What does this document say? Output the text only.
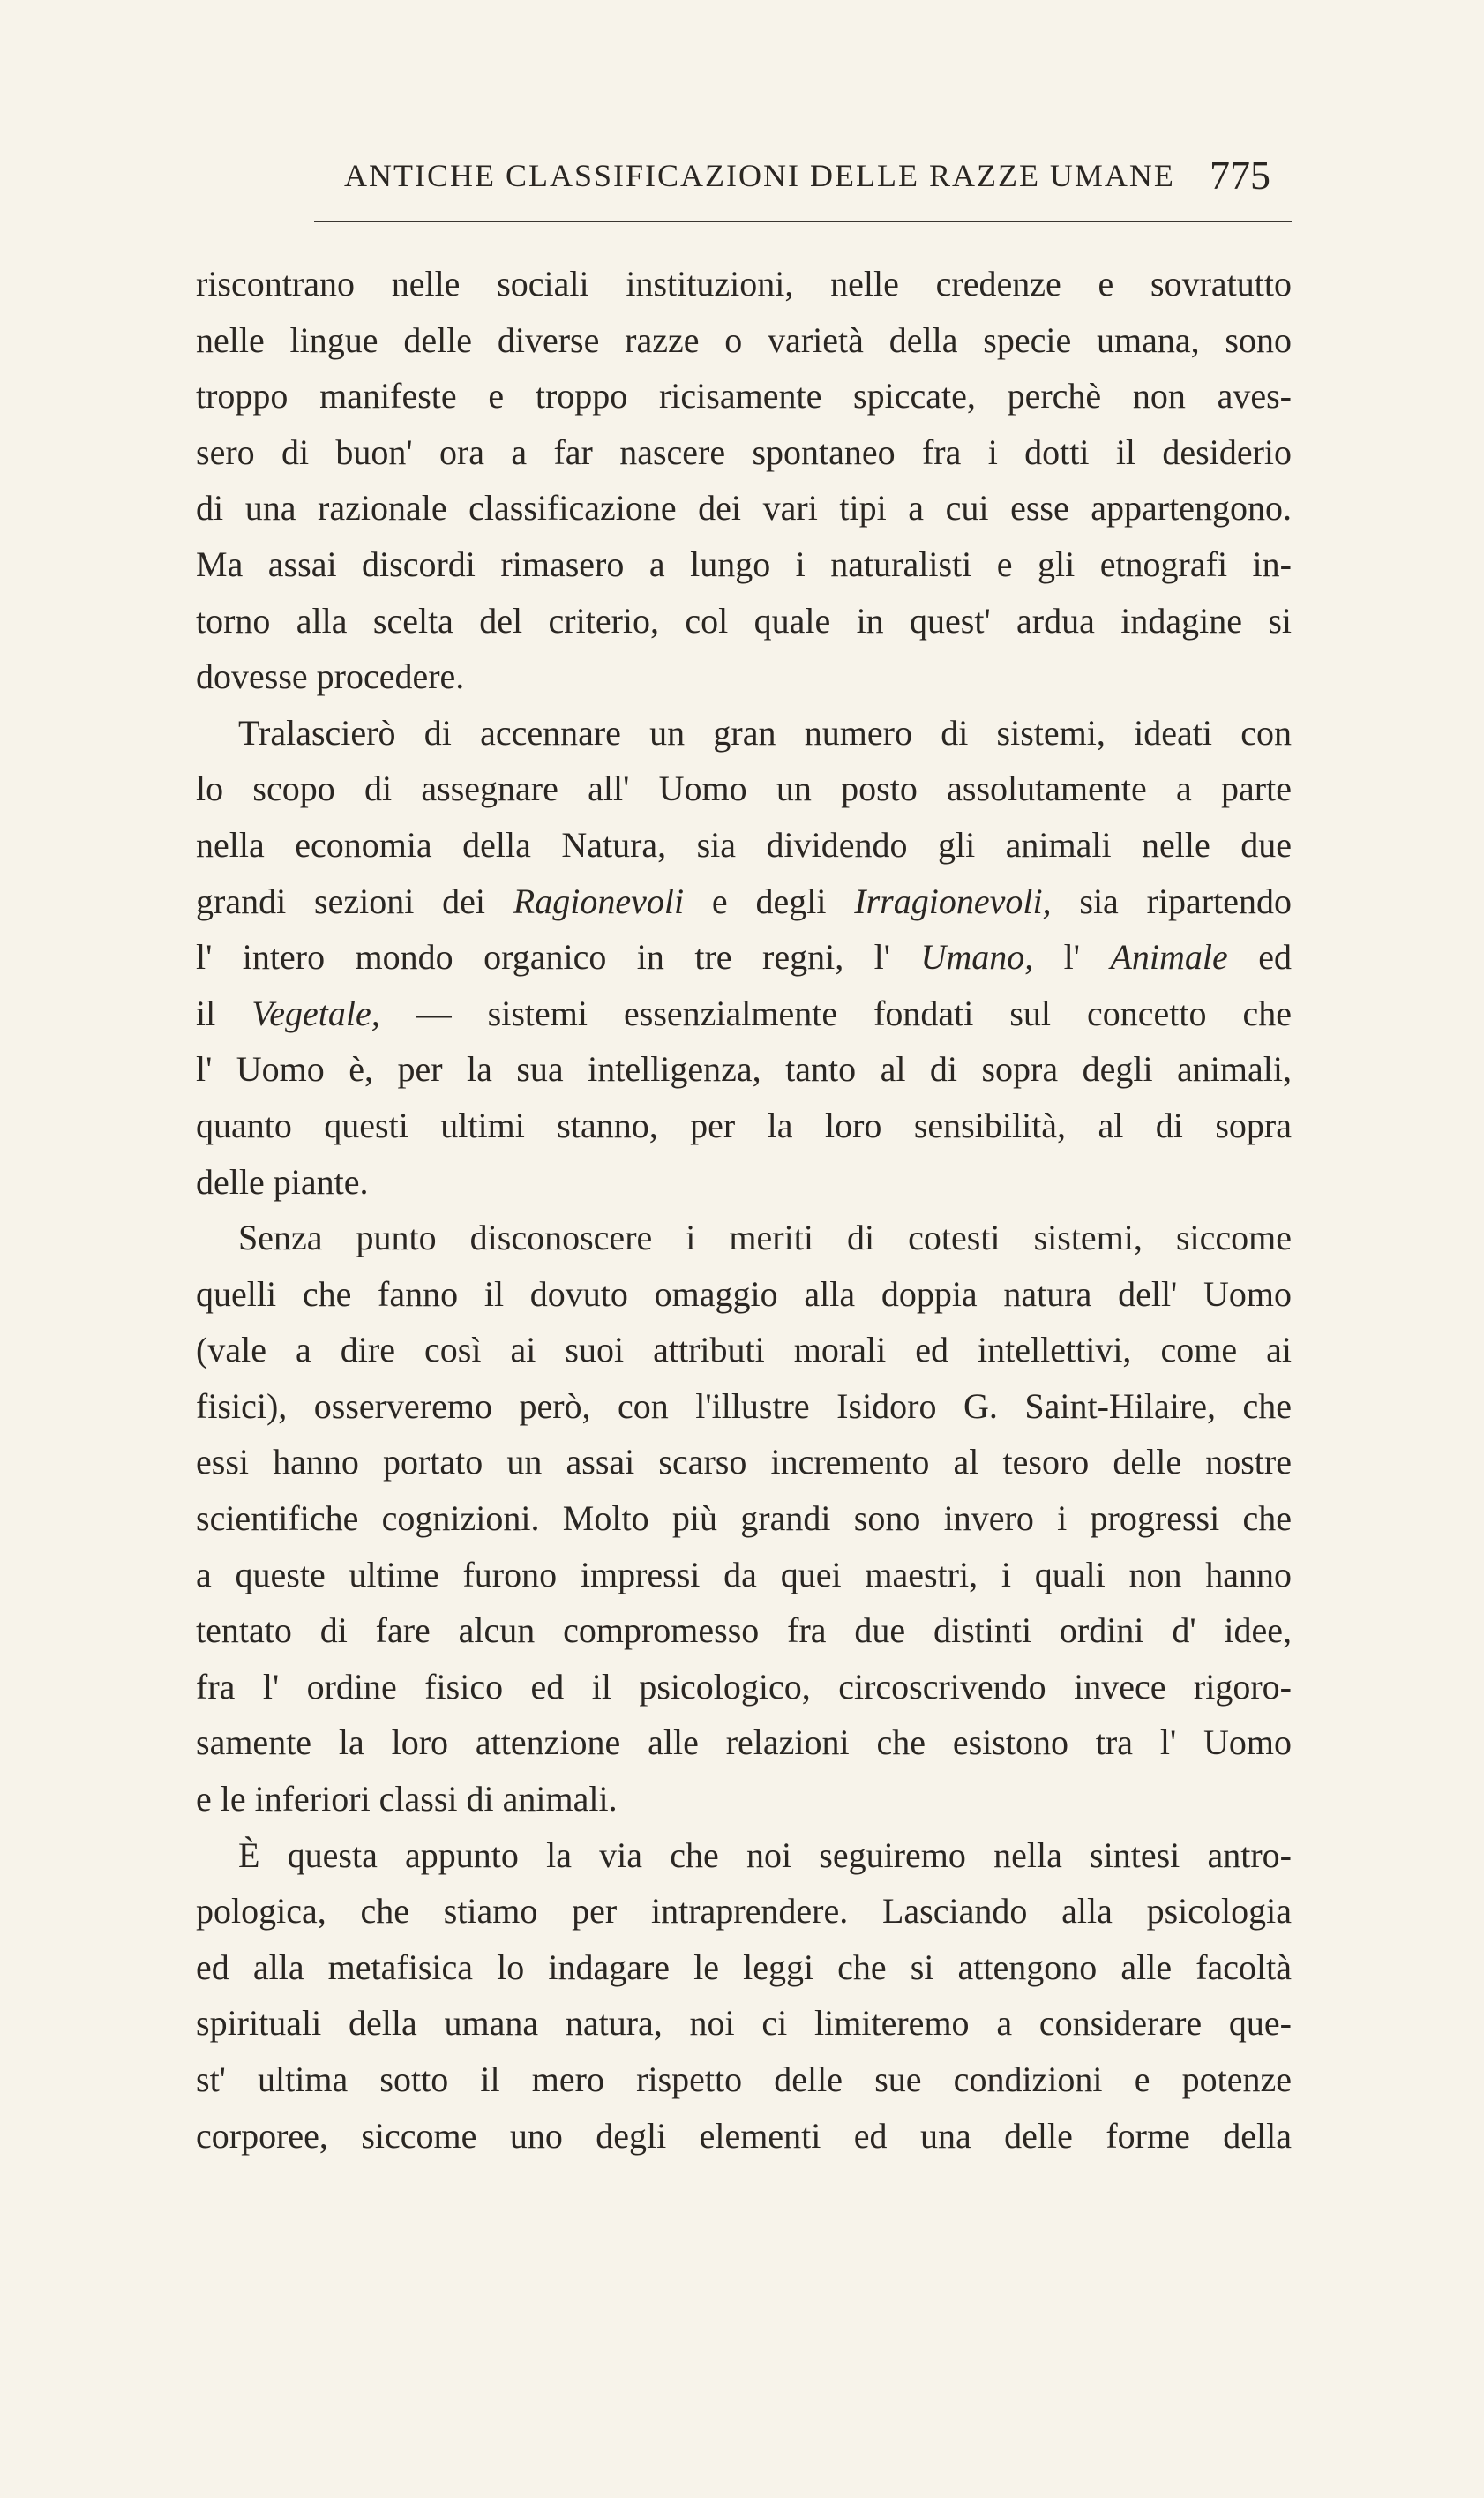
ANTICHE CLASSIFICAZIONI DELLE RAZZE UMANE 775
riscontrano nelle sociali instituzioni, nelle credenze e sovratutto
nelle lingue delle diverse razze o varietà della specie umana, sono
troppo manifeste e troppo ricisamente spiccate, perchè non aves-
sero di buon' ora a far nascere spontaneo fra i dotti il desiderio
di una razionale classificazione dei vari tipi a cui esse appartengono.
Ma assai discordi rimasero a lungo i naturalisti e gli etnografi in-
torno alla scelta del criterio, col quale in quest' ardua indagine si
dovesse procedere.
Tralascierò di accennare un gran numero di sistemi, ideati con
lo scopo di assegnare all' Uomo un posto assolutamente a parte
nella economia della Natura, sia dividendo gli animali nelle due
grandi sezioni dei Ragionevoli e degli Irragionevoli, sia ripartendo
l' intero mondo organico in tre regni, l' Umano, l' Animale ed
il Vegetale, — sistemi essenzialmente fondati sul concetto che
l' Uomo è, per la sua intelligenza, tanto al di sopra degli animali,
quanto questi ultimi stanno, per la loro sensibilità, al di sopra
delle piante.
Senza punto disconoscere i meriti di cotesti sistemi, siccome
quelli che fanno il dovuto omaggio alla doppia natura dell' Uomo
(vale a dire così ai suoi attributi morali ed intellettivi, come ai
fisici), osserveremo però, con l'illustre Isidoro G. Saint-Hilaire, che
essi hanno portato un assai scarso incremento al tesoro delle nostre
scientifiche cognizioni. Molto più grandi sono invero i progressi che
a queste ultime furono impressi da quei maestri, i quali non hanno
tentato di fare alcun compromesso fra due distinti ordini d' idee,
fra l' ordine fisico ed il psicologico, circoscrivendo invece rigoro-
samente la loro attenzione alle relazioni che esistono tra l' Uomo
e le inferiori classi di animali.
È questa appunto la via che noi seguiremo nella sintesi antro-
pologica, che stiamo per intraprendere. Lasciando alla psicologia
ed alla metafisica lo indagare le leggi che si attengono alle facoltà
spirituali della umana natura, noi ci limiteremo a considerare que-
st' ultima sotto il mero rispetto delle sue condizioni e potenze
corporee, siccome uno degli elementi ed una delle forme della
